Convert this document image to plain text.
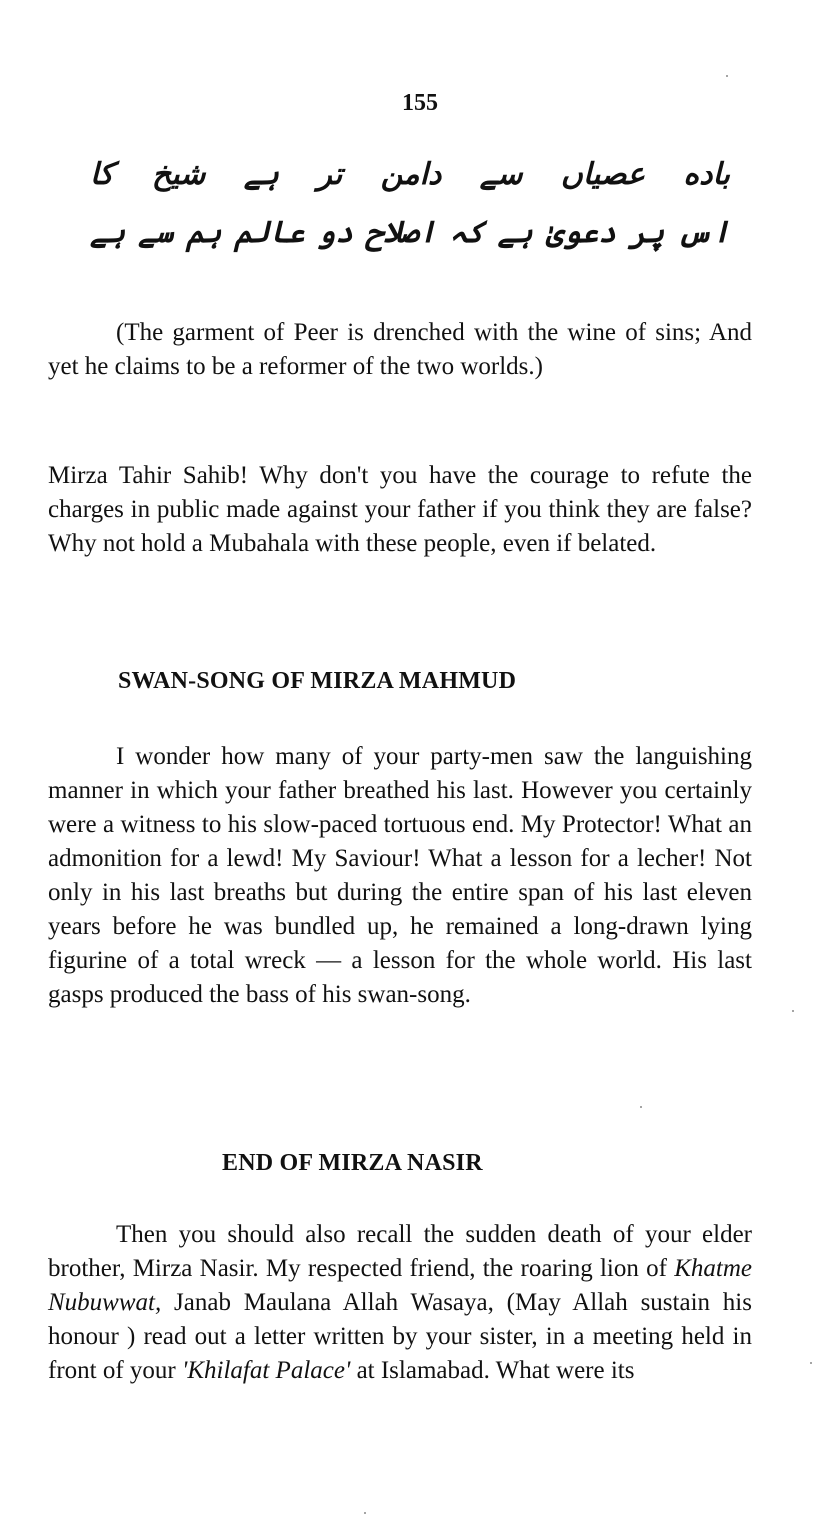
155
باده عصیاں سے دامن تر ہے شیخ کا
اس پر دعویٰ ہے کہ اصلاح دو عالم ہم سے ہے

(The garment of Peer is drenched with the wine of sins; And yet he claims to be a reformer of the two worlds.)

Mirza Tahir Sahib! Why don't you have the courage to refute the charges in public made against your father if you think they are false? Why not hold a Mubahala with these people, even if belated.

SWAN-SONG OF MIRZA MAHMUD

I wonder how many of your party-men saw the languishing manner in which your father breathed his last. However you certainly were a witness to his slow-paced tortuous end. My Protector! What an admonition for a lewd! My Saviour! What a lesson for a lecher! Not only in his last breaths but during the entire span of his last eleven years before he was bundled up, he remained a long-drawn lying figurine of a total wreck — a lesson for the whole world. His last gasps produced the bass of his swan-song.

END OF MIRZA NASIR

Then you should also recall the sudden death of your elder brother, Mirza Nasir. My respected friend, the roaring lion of Khatme Nubuwwat, Janab Maulana Allah Wasaya, (May Allah sustain his honour ) read out a letter written by your sister, in a meeting held in front of your 'Khilafat Palace' at Islamabad. What were its
